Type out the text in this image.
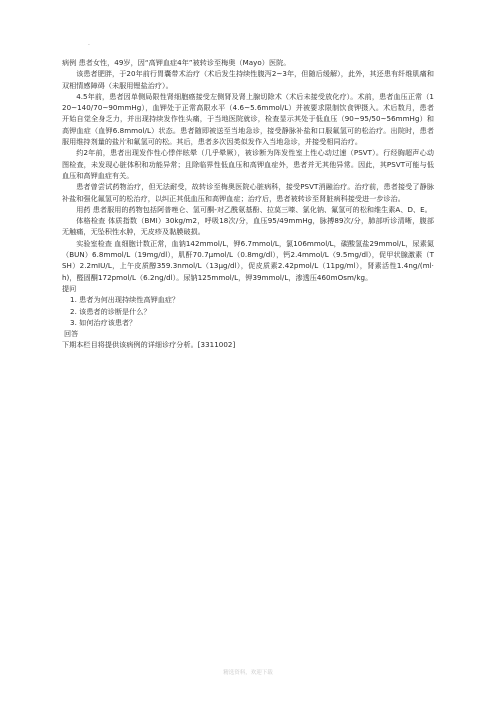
.

病例 患者女性，49岁，因“高钾血症4年”被转诊至梅奥（Mayo）医院。

该患者肥胖，于20年前行胃囊带术治疗（术后发生持续性腹泻2~3年，但随后缓解），此外，其还患有纤维肌痛和双相情感障碍（未服用锂盐治疗）。

4.5年前，患者因单侧局限性肾细胞癌接受左侧肾及肾上腺切除术（术后未接受放化疗）。术前，患者血压正常（120~140/70~90mmHg），血钾处于正常高限水平（4.6~5.6mmol/L）并被要求限制饮食钾摄入。术后数月，患者开始自觉全身乏力，并出现持续发作性头痛，于当地医院就诊，检查显示其处于低血压（90~95/50~56mmHg）和高钾血症（血钾6.8mmol/L）状态。患者随即被送至当地急诊，接受静脉补盐和口服氟氢可的松治疗。出院时，患者服用维持剂量的盐片和氟氢可的松。其后，患者多次因类似发作入当地急诊，并接受相同治疗。

约2年前，患者出现发作性心悸伴眩晕（几乎晕厥），被诊断为阵发性室上性心动过速（PSVT）。行经胸超声心动图检查，未发现心脏体积和功能异常；且除临界性低血压和高钾血症外，患者并无其他异常。因此，其PSVT可能与低血压和高钾血症有关。

患者曾尝试药物治疗，但无法耐受，故转诊至梅奥医院心脏病科，接受PSVT消融治疗。治疗前，患者接受了静脉补盐和强化氟氢可的松治疗，以纠正其低血压和高钾血症；治疗后，患者被转诊至肾脏病科接受进一步诊治。

用药 患者服用的药物包括阿普唑仑、氢可酮-对乙酰氨基酚、拉莫三嗪、氯化钠、氟氢可的松和维生素A、D、E。

体格检查 体质指数（BMI）30kg/m2，呼吸18次/分，血压95/49mmHg，脉搏89次/分，肺部听诊清晰，腹部无触痛，无坠积性水肿，无皮疹及黏膜破损。

实验室检查 血细胞计数正常，血钠142mmol/L，钾6.7mmol/L，氯106mmol/L，碳酸氢盐29mmol/L，尿素氮（BUN）6.8mmol/L（19mg/dl），肌酐70.7μmol/L（0.8mg/dl），钙2.4mmol/L（9.5mg/dl），促甲状腺激素（TSH）2.2mIU/L，上午皮质醇359.3nmol/L（13μg/dl），促皮质素2.42pmol/L（11pg/ml），肾素活性1.4ng/(ml·h)，醛固酮172pmol/L（6.2ng/dl）。尿钠125mmol/L，钾39mmol/L，渗透压460mOsm/kg。

提问

1. 患者为何出现持续性高钾血症？

2. 该患者的诊断是什么？

3. 如何治疗该患者？

回答

下期本栏目将提供该病例的详细诊疗分析。[3311002]

精选资料，欢迎下载
